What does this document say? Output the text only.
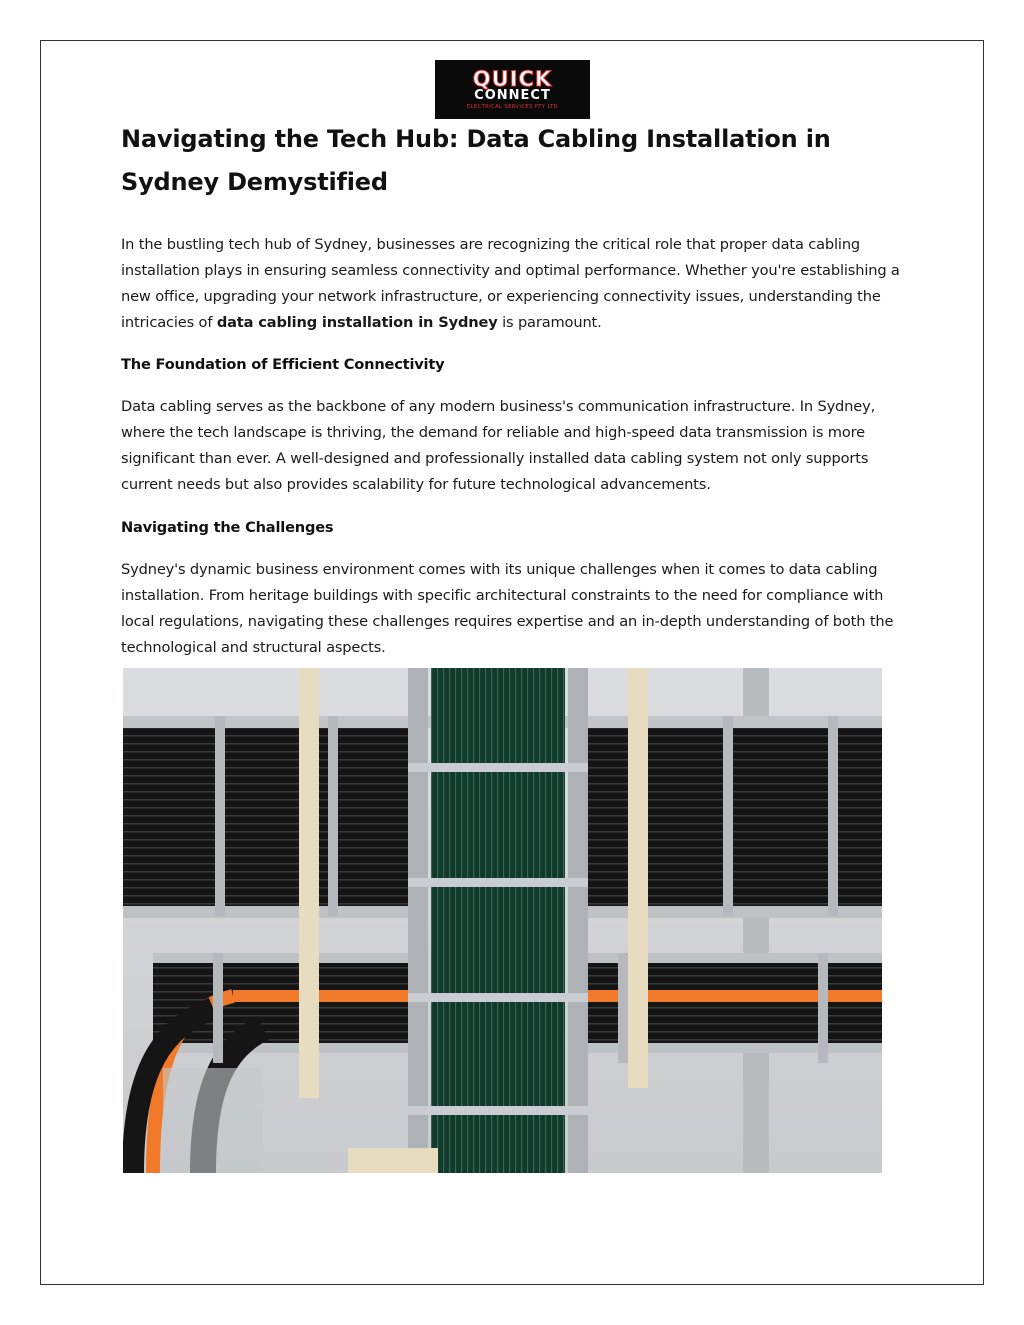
QUICK
CONNECT
ELECTRICAL SERVICES PTY LTD
Navigating the Tech Hub: Data Cabling Installation in Sydney Demystified

In the bustling tech hub of Sydney, businesses are recognizing the critical role that proper data cabling installation plays in ensuring seamless connectivity and optimal performance. Whether you're establishing a new office, upgrading your network infrastructure, or experiencing connectivity issues, understanding the intricacies of data cabling installation in Sydney is paramount.

The Foundation of Efficient Connectivity

Data cabling serves as the backbone of any modern business's communication infrastructure. In Sydney, where the tech landscape is thriving, the demand for reliable and high-speed data transmission is more significant than ever. A well-designed and professionally installed data cabling system not only supports current needs but also provides scalability for future technological advancements.

Navigating the Challenges

Sydney's dynamic business environment comes with its unique challenges when it comes to data cabling installation. From heritage buildings with specific architectural constraints to the need for compliance with local regulations, navigating these challenges requires expertise and an in-depth understanding of both the technological and structural aspects.
